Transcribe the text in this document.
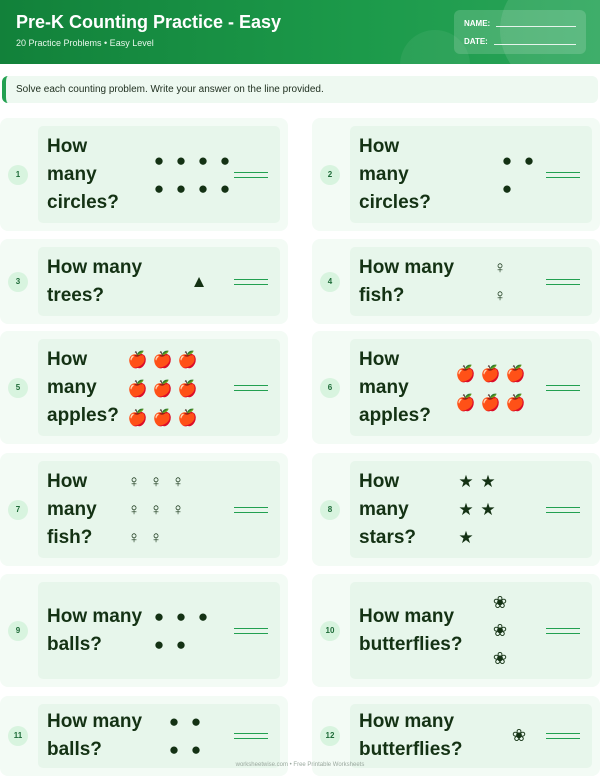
Pre-K Counting Practice - Easy
20 Practice Problems • Easy Level
NAME:
DATE:
Solve each counting problem. Write your answer on the line provided.
1
How many circles?
● ● ● ●
● ● ● ●
2
How many circles?
● ●
●
3
How many trees?
▲	4
How many fish?
♀
♀
5
How many apples?
🍎 🍎 🍎
🍎 🍎 🍎
🍎 🍎 🍎
6
How many apples?
🍎 🍎 🍎
🍎 🍎 🍎
7
How many fish?
♀ ♀ ♀
♀ ♀ ♀
♀ ♀
8
How many stars?
★ ★
★ ★
★
9
How many balls?
● ● ●
● ●
10
How many butterflies?
❀
❀
❀
11
How many balls?
● ●
● ●
12
How many butterflies?
❀
worksheetwise.com • Free Printable Worksheets
